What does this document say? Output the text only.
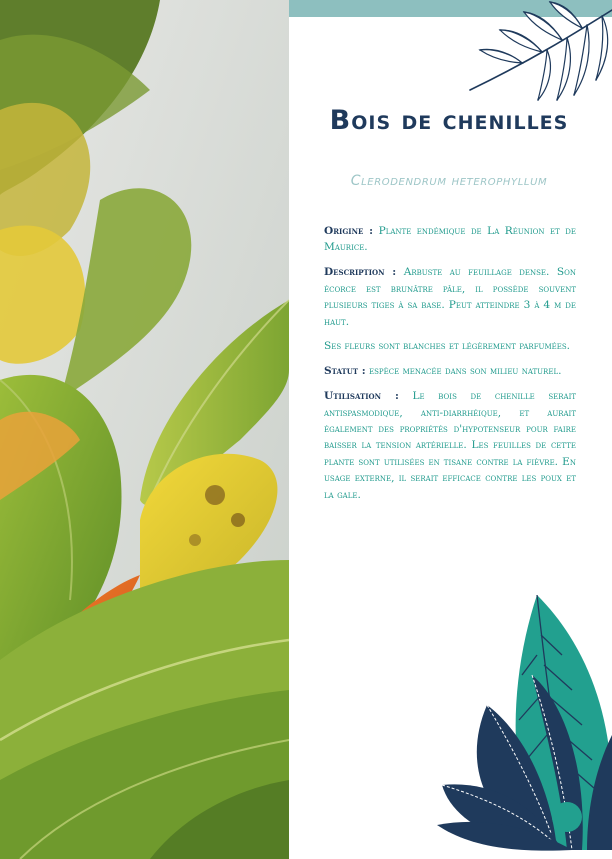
Bois de chenilles
Clerodendrum heterophyllum

Origine : Plante endémique de La Réunion et de Maurice.

Description : Arbuste au feuillage dense. Son écorce est brunâtre pâle, il possède souvent plusieurs tiges à sa base. Peut atteindre 3 à 4 m de haut.

Ses fleurs sont blanches et légèrement parfumées.

Statut : espèce menacée dans son milieu naturel.

Utilisation : Le bois de chenille serait antispasmodique, anti-diarrhéique, et aurait également des propriétés d'hypotenseur pour faire baisser la tension artérielle. Les feuilles de cette plante sont utilisées en tisane contre la fièvre. En usage externe, il serait efficace contre les poux et la gale.
